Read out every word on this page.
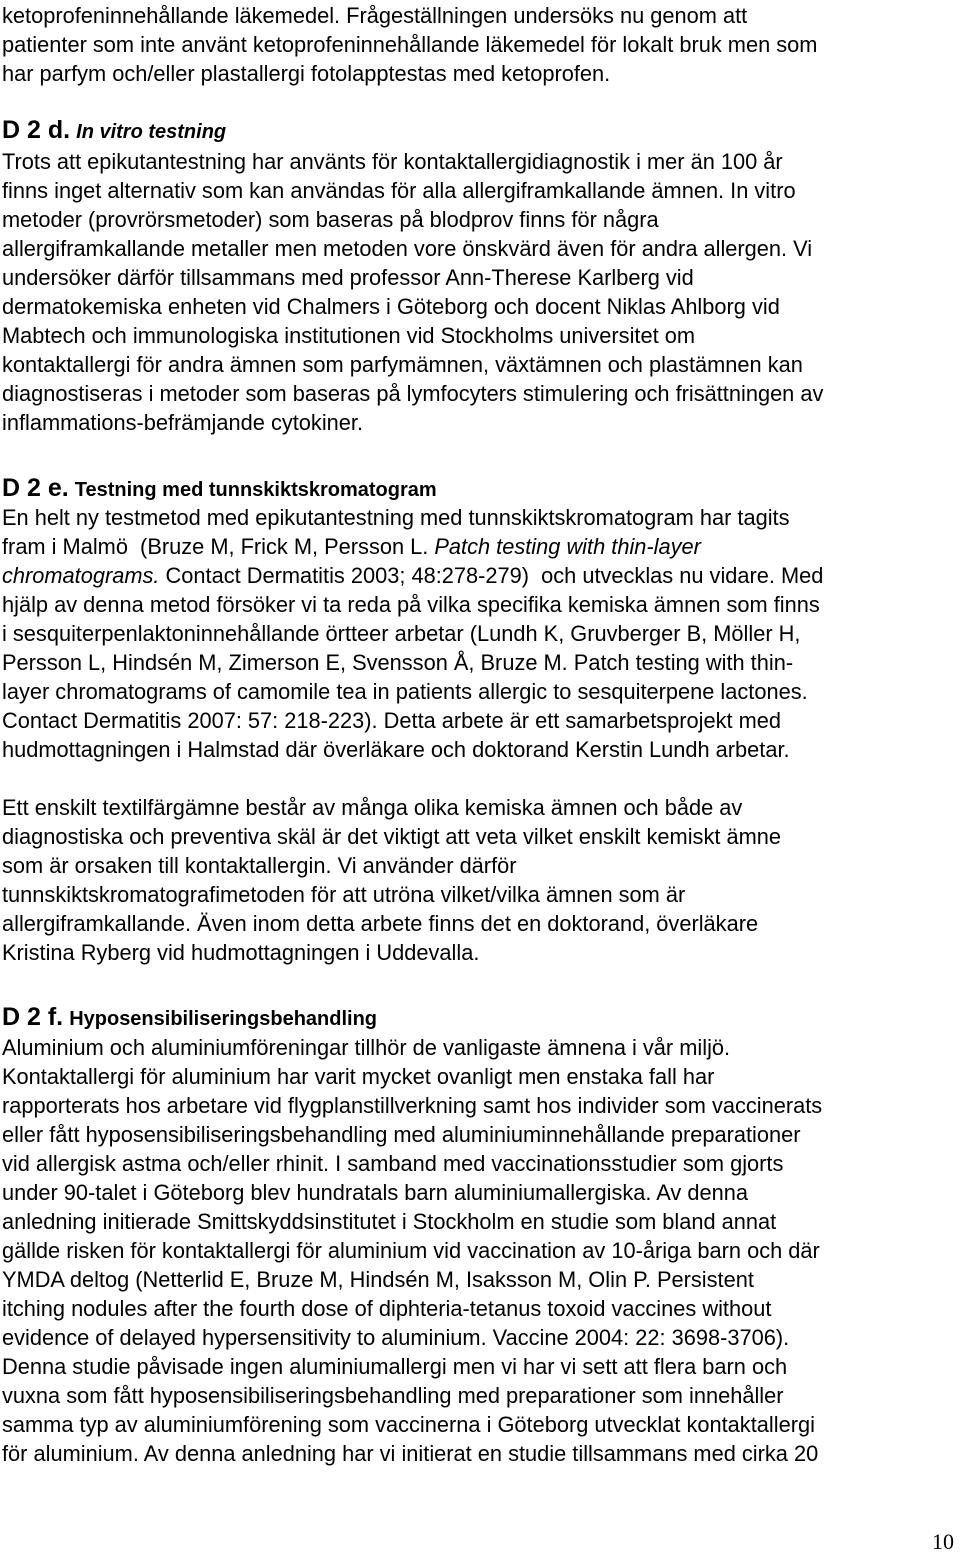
ketoprofeninnehållande läkemedel. Frågeställningen undersöks nu genom att
patienter som inte använt ketoprofeninnehållande läkemedel för lokalt bruk men som
har parfym och/eller plastallergi fotolapptestas med ketoprofen.
D 2 d. In vitro testning
Trots att epikutantestning har använts för kontaktallergidiagnostik i mer än 100 år
finns inget alternativ som kan användas för alla allergiframkallande ämnen. In vitro
metoder (provrörsmetoder) som baseras på blodprov finns för några
allergiframkallande metaller men metoden vore önskvärd även för andra allergen. Vi
undersöker därför tillsammans med professor Ann-Therese Karlberg vid
dermatokemiska enheten vid Chalmers i Göteborg och docent Niklas Ahlborg vid
Mabtech och immunologiska institutionen vid Stockholms universitet om
kontaktallergi för andra ämnen som parfymämnen, växtämnen och plastämnen kan
diagnostiseras i metoder som baseras på lymfocyters stimulering och frisättningen av
inflammations-befrämjande cytokiner.
D 2 e. Testning med tunnskiktskromatogram
En helt ny testmetod med epikutantestning med tunnskiktskromatogram har tagits
fram i Malmö  (Bruze M, Frick M, Persson L. Patch testing with thin-layer
chromatograms. Contact Dermatitis 2003; 48:278-279)  och utvecklas nu vidare. Med
hjälp av denna metod försöker vi ta reda på vilka specifika kemiska ämnen som finns
i sesquiterpenlaktoninnehållande örtteer arbetar (Lundh K, Gruvberger B, Möller H,
Persson L, Hindsén M, Zimerson E, Svensson Å, Bruze M. Patch testing with thin-
layer chromatograms of camomile tea in patients allergic to sesquiterpene lactones.
Contact Dermatitis 2007: 57: 218-223). Detta arbete är ett samarbetsprojekt med
hudmottagningen i Halmstad där överläkare och doktorand Kerstin Lundh arbetar.
Ett enskilt textilfärgämne består av många olika kemiska ämnen och både av
diagnostiska och preventiva skäl är det viktigt att veta vilket enskilt kemiskt ämne
som är orsaken till kontaktallergin. Vi använder därför
tunnskiktskromatografimetoden för att utröna vilket/vilka ämnen som är
allergiframkallande. Även inom detta arbete finns det en doktorand, överläkare
Kristina Ryberg vid hudmottagningen i Uddevalla.
D 2 f. Hyposensibiliseringsbehandling
Aluminium och aluminiumföreningar tillhör de vanligaste ämnena i vår miljö.
Kontaktallergi för aluminium har varit mycket ovanligt men enstaka fall har
rapporterats hos arbetare vid flygplanstillverkning samt hos individer som vaccinerats
eller fått hyposensibiliseringsbehandling med aluminiuminnehållande preparationer
vid allergisk astma och/eller rhinit. I samband med vaccinationsstudier som gjorts
under 90-talet i Göteborg blev hundratals barn aluminiumallergiska. Av denna
anledning initierade Smittskyddsinstitutet i Stockholm en studie som bland annat
gällde risken för kontaktallergi för aluminium vid vaccination av 10-åriga barn och där
YMDA deltog (Netterlid E, Bruze M, Hindsén M, Isaksson M, Olin P. Persistent
itching nodules after the fourth dose of diphteria-tetanus toxoid vaccines without
evidence of delayed hypersensitivity to aluminium. Vaccine 2004: 22: 3698-3706).
Denna studie påvisade ingen aluminiumallergi men vi har vi sett att flera barn och
vuxna som fått hyposensibiliseringsbehandling med preparationer som innehåller
samma typ av aluminiumförening som vaccinerna i Göteborg utvecklat kontaktallergi
för aluminium. Av denna anledning har vi initierat en studie tillsammans med cirka 20
10
